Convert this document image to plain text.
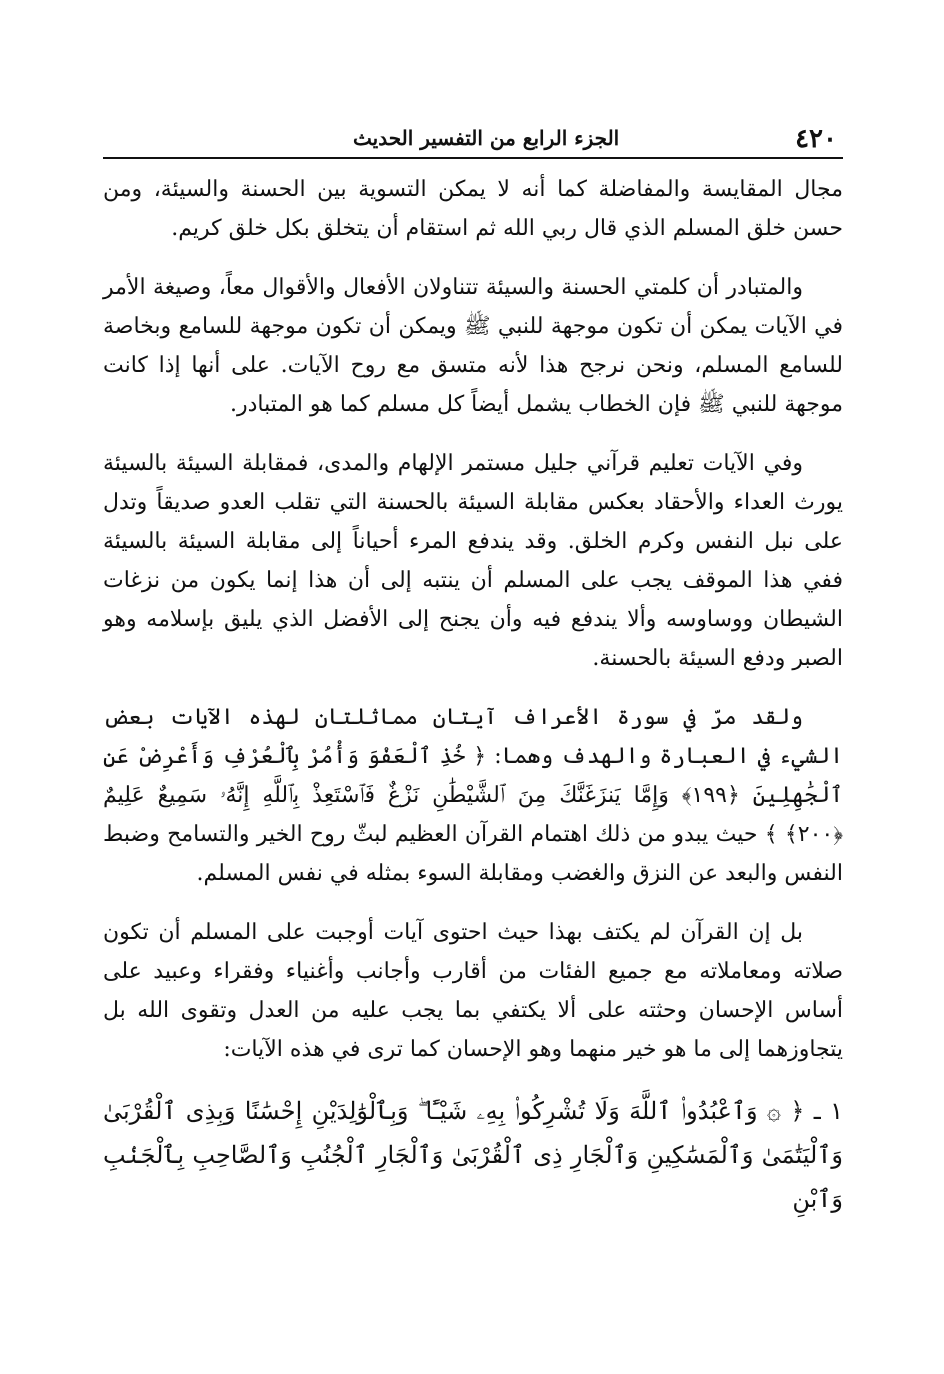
٤٢٠
الجزء الرابع من التفسير الحديث

مجال المقايسة والمفاضلة كما أنه لا يمكن التسوية بين الحسنة والسيئة، ومن حسن خلق المسلم الذي قال ربي الله ثم استقام أن يتخلق بكل خلق كريم.

والمتبادر أن كلمتي الحسنة والسيئة تتناولان الأفعال والأقوال معاً، وصيغة الأمر في الآيات يمكن أن تكون موجهة للنبي ﷺ ويمكن أن تكون موجهة للسامع وبخاصة للسامع المسلم، ونحن نرجح هذا لأنه متسق مع روح الآيات. على أنها إذا كانت موجهة للنبي ﷺ فإن الخطاب يشمل أيضاً كل مسلم كما هو المتبادر.

وفي الآيات تعليم قرآني جليل مستمر الإلهام والمدى، فمقابلة السيئة بالسيئة يورث العداء والأحقاد بعكس مقابلة السيئة بالحسنة التي تقلب العدو صديقاً وتدل على نبل النفس وكرم الخلق. وقد يندفع المرء أحياناً إلى مقابلة السيئة بالسيئة ففي هذا الموقف يجب على المسلم أن ينتبه إلى أن هذا إنما يكون من نزغات الشيطان ووساوسه وألا يندفع فيه وأن يجنح إلى الأفضل الذي يليق بإسلامه وهو الصبر ودفع السيئة بالحسنة.

ولقد مرّ في سورة الأعراف آيتان مماثلتان لهذه الآيات بعض الشيء في العبارة والهدف وهما: ﴿ خُذِ ٱلْعَفْوَ وَأْمُرْ بِٱلْعُرْفِ وَأَعْرِضْ عَنِ ٱلْجَٰهِلِينَ ﴿١٩٩﴾ وَإِمَّا يَنزَغَنَّكَ مِنَ ٱلشَّيْطَٰنِ نَزْغٌ فَٱسْتَعِذْ بِٱللَّهِ إِنَّهُۥ سَمِيعٌ عَلِيمٌ ﴿٢٠٠﴾ ﴾ حيث يبدو من ذلك اهتمام القرآن العظيم لبثّ روح الخير والتسامح وضبط النفس والبعد عن النزق والغضب ومقابلة السوء بمثله في نفس المسلم.

بل إن القرآن لم يكتف بهذا حيث احتوى آيات أوجبت على المسلم أن تكون صلاته ومعاملاته مع جميع الفئات من أقارب وأجانب وأغنياء وفقراء وعبيد على أساس الإحسان وحثته على ألا يكتفي بما يجب عليه من العدل وتقوى الله بل يتجاوزهما إلى ما هو خير منهما وهو الإحسان كما ترى في هذه الآيات:

١ ـ ﴿ ۞ وَٱعْبُدُوا۟ ٱللَّهَ وَلَا تُشْرِكُوا۟ بِهِۦ شَيْـًٔا ۖ وَبِٱلْوَٰلِدَيْنِ إِحْسَٰنًا وَبِذِى ٱلْقُرْبَىٰ وَٱلْيَتَٰمَىٰ وَٱلْمَسَٰكِينِ وَٱلْجَارِ ذِى ٱلْقُرْبَىٰ وَٱلْجَارِ ٱلْجُنُبِ وَٱلصَّاحِبِ بِٱلْجَنۢبِ وَٱبْنِ
